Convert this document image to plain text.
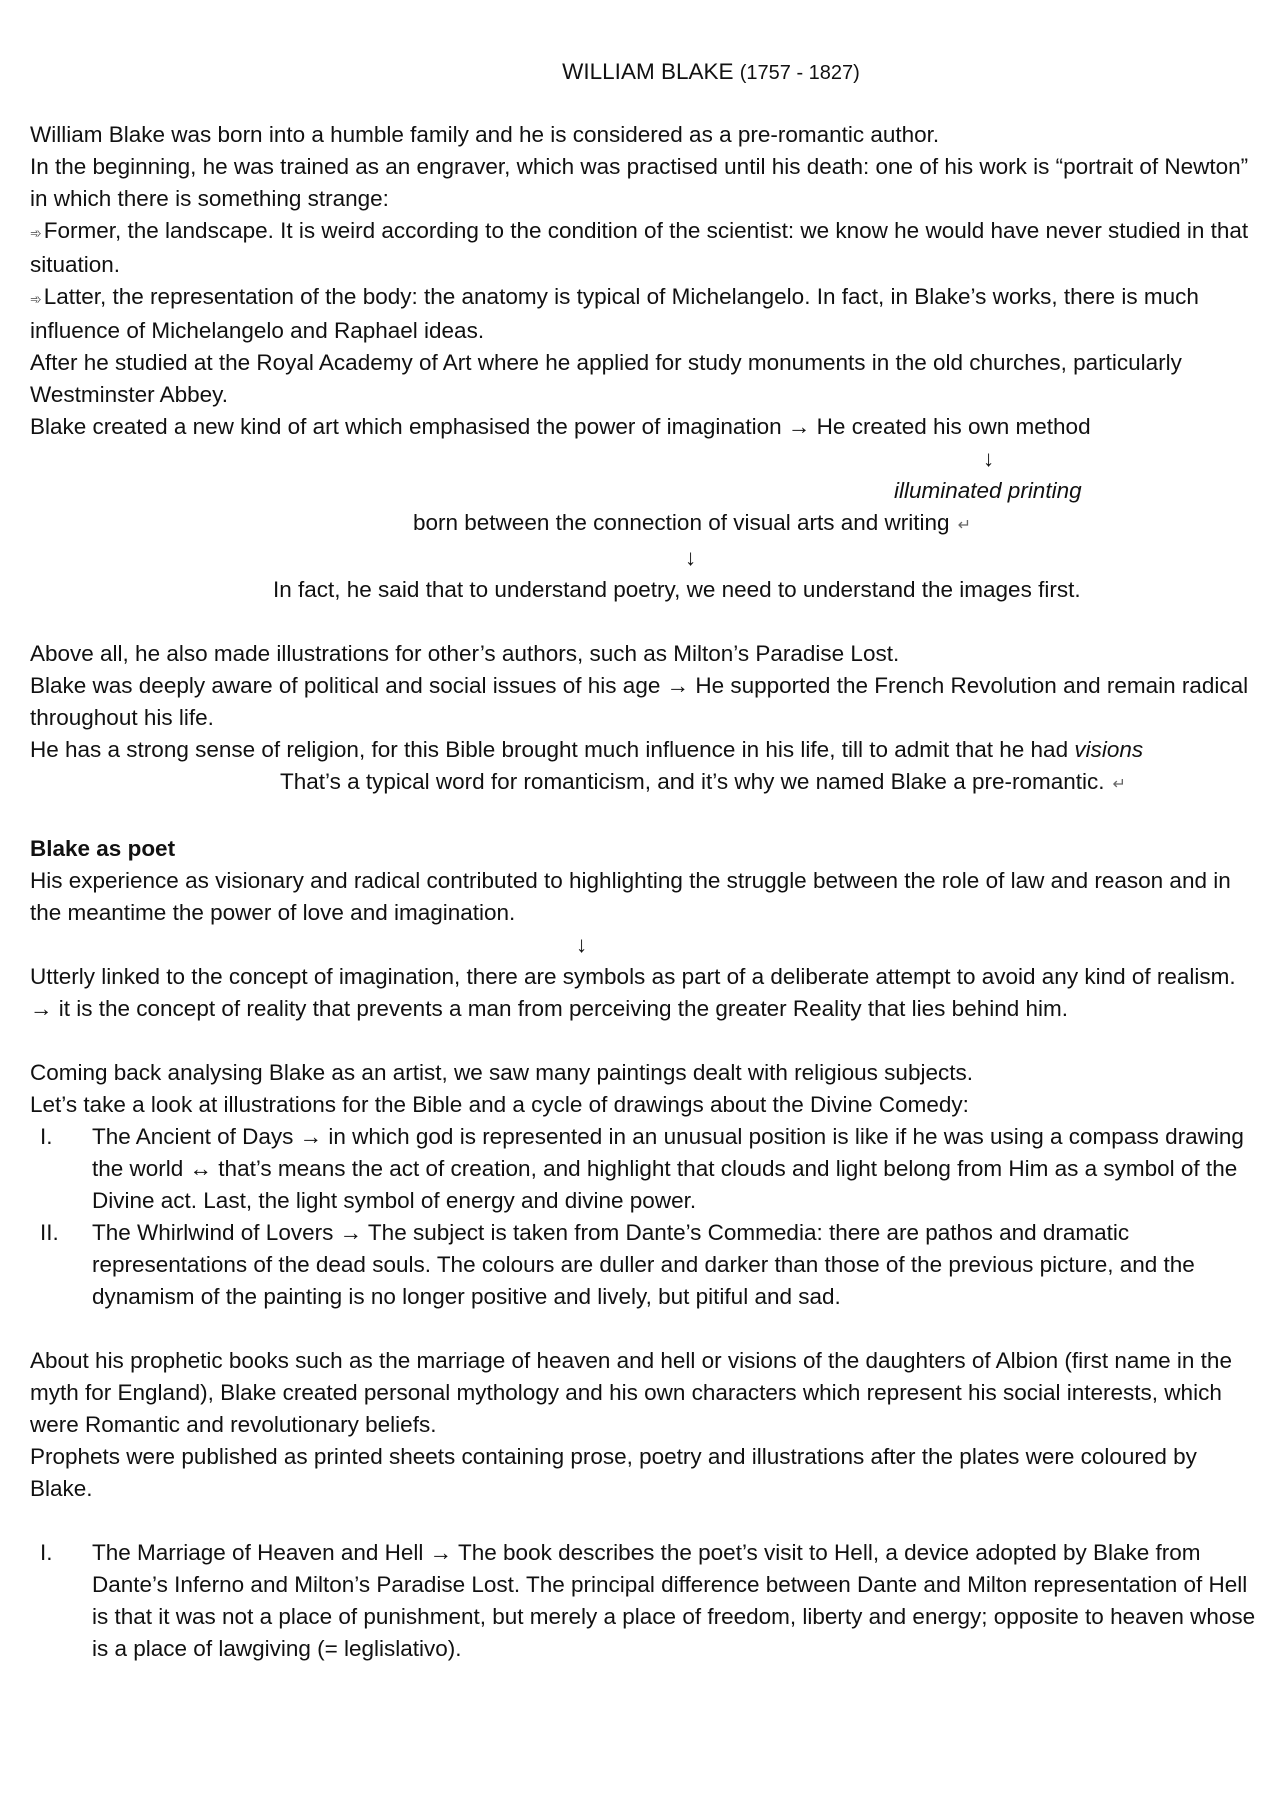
WILLIAM BLAKE (1757 - 1827)

William Blake was born into a humble family and he is considered as a pre-romantic author.

In the beginning, he was trained as an engraver, which was practised until his death: one of his work is “portrait of Newton” in which there is something strange:

➾Former, the landscape. It is weird according to the condition of the scientist: we know he would have never studied in that situation.

➾Latter, the representation of the body: the anatomy is typical of Michelangelo. In fact, in Blake’s works, there is much influence of Michelangelo and Raphael ideas.

After he studied at the Royal Academy of Art where he applied for study monuments in the old churches, particularly Westminster Abbey.

Blake created a new kind of art which emphasised the power of imagination → He created his own method

↓

illuminated printing

born between the connection of visual arts and writing ↵

↓

In fact, he said that to understand poetry, we need to understand the images first.

Above all, he also made illustrations for other’s authors, such as Milton’s Paradise Lost.

Blake was deeply aware of political and social issues of his age → He supported the French Revolution and remain radical throughout his life.

He has a strong sense of religion, for this Bible brought much influence in his life, till to admit that he had visions

That’s a typical word for romanticism, and it’s why we named Blake a pre-romantic. ↵

Blake as poet

His experience as visionary and radical contributed to highlighting the struggle between the role of law and reason and in the meantime the power of love and imagination.

↓

Utterly linked to the concept of imagination, there are symbols as part of a deliberate attempt to avoid any kind of realism. → it is the concept of reality that prevents a man from perceiving the greater Reality that lies behind him.

Coming back analysing Blake as an artist, we saw many paintings dealt with religious subjects.

Let’s take a look at illustrations for the Bible and a cycle of drawings about the Divine Comedy:

I. The Ancient of Days → in which god is represented in an unusual position is like if he was using a compass drawing the world ↔ that’s means the act of creation, and highlight that clouds and light belong from Him as a symbol of the Divine act. Last, the light symbol of energy and divine power.
II. The Whirlwind of Lovers → The subject is taken from Dante’s Commedia: there are pathos and dramatic representations of the dead souls. The colours are duller and darker than those of the previous picture, and the dynamism of the painting is no longer positive and lively, but pitiful and sad.

About his prophetic books such as the marriage of heaven and hell or visions of the daughters of Albion (first name in the myth for England), Blake created personal mythology and his own characters which represent his social interests, which were Romantic and revolutionary beliefs.

Prophets were published as printed sheets containing prose, poetry and illustrations after the plates were coloured by Blake.

I. The Marriage of Heaven and Hell → The book describes the poet’s visit to Hell, a device adopted by Blake from Dante’s Inferno and Milton’s Paradise Lost. The principal difference between Dante and Milton representation of Hell is that it was not a place of punishment, but merely a place of freedom, liberty and energy; opposite to heaven whose is a place of lawgiving (= leglislativo).
